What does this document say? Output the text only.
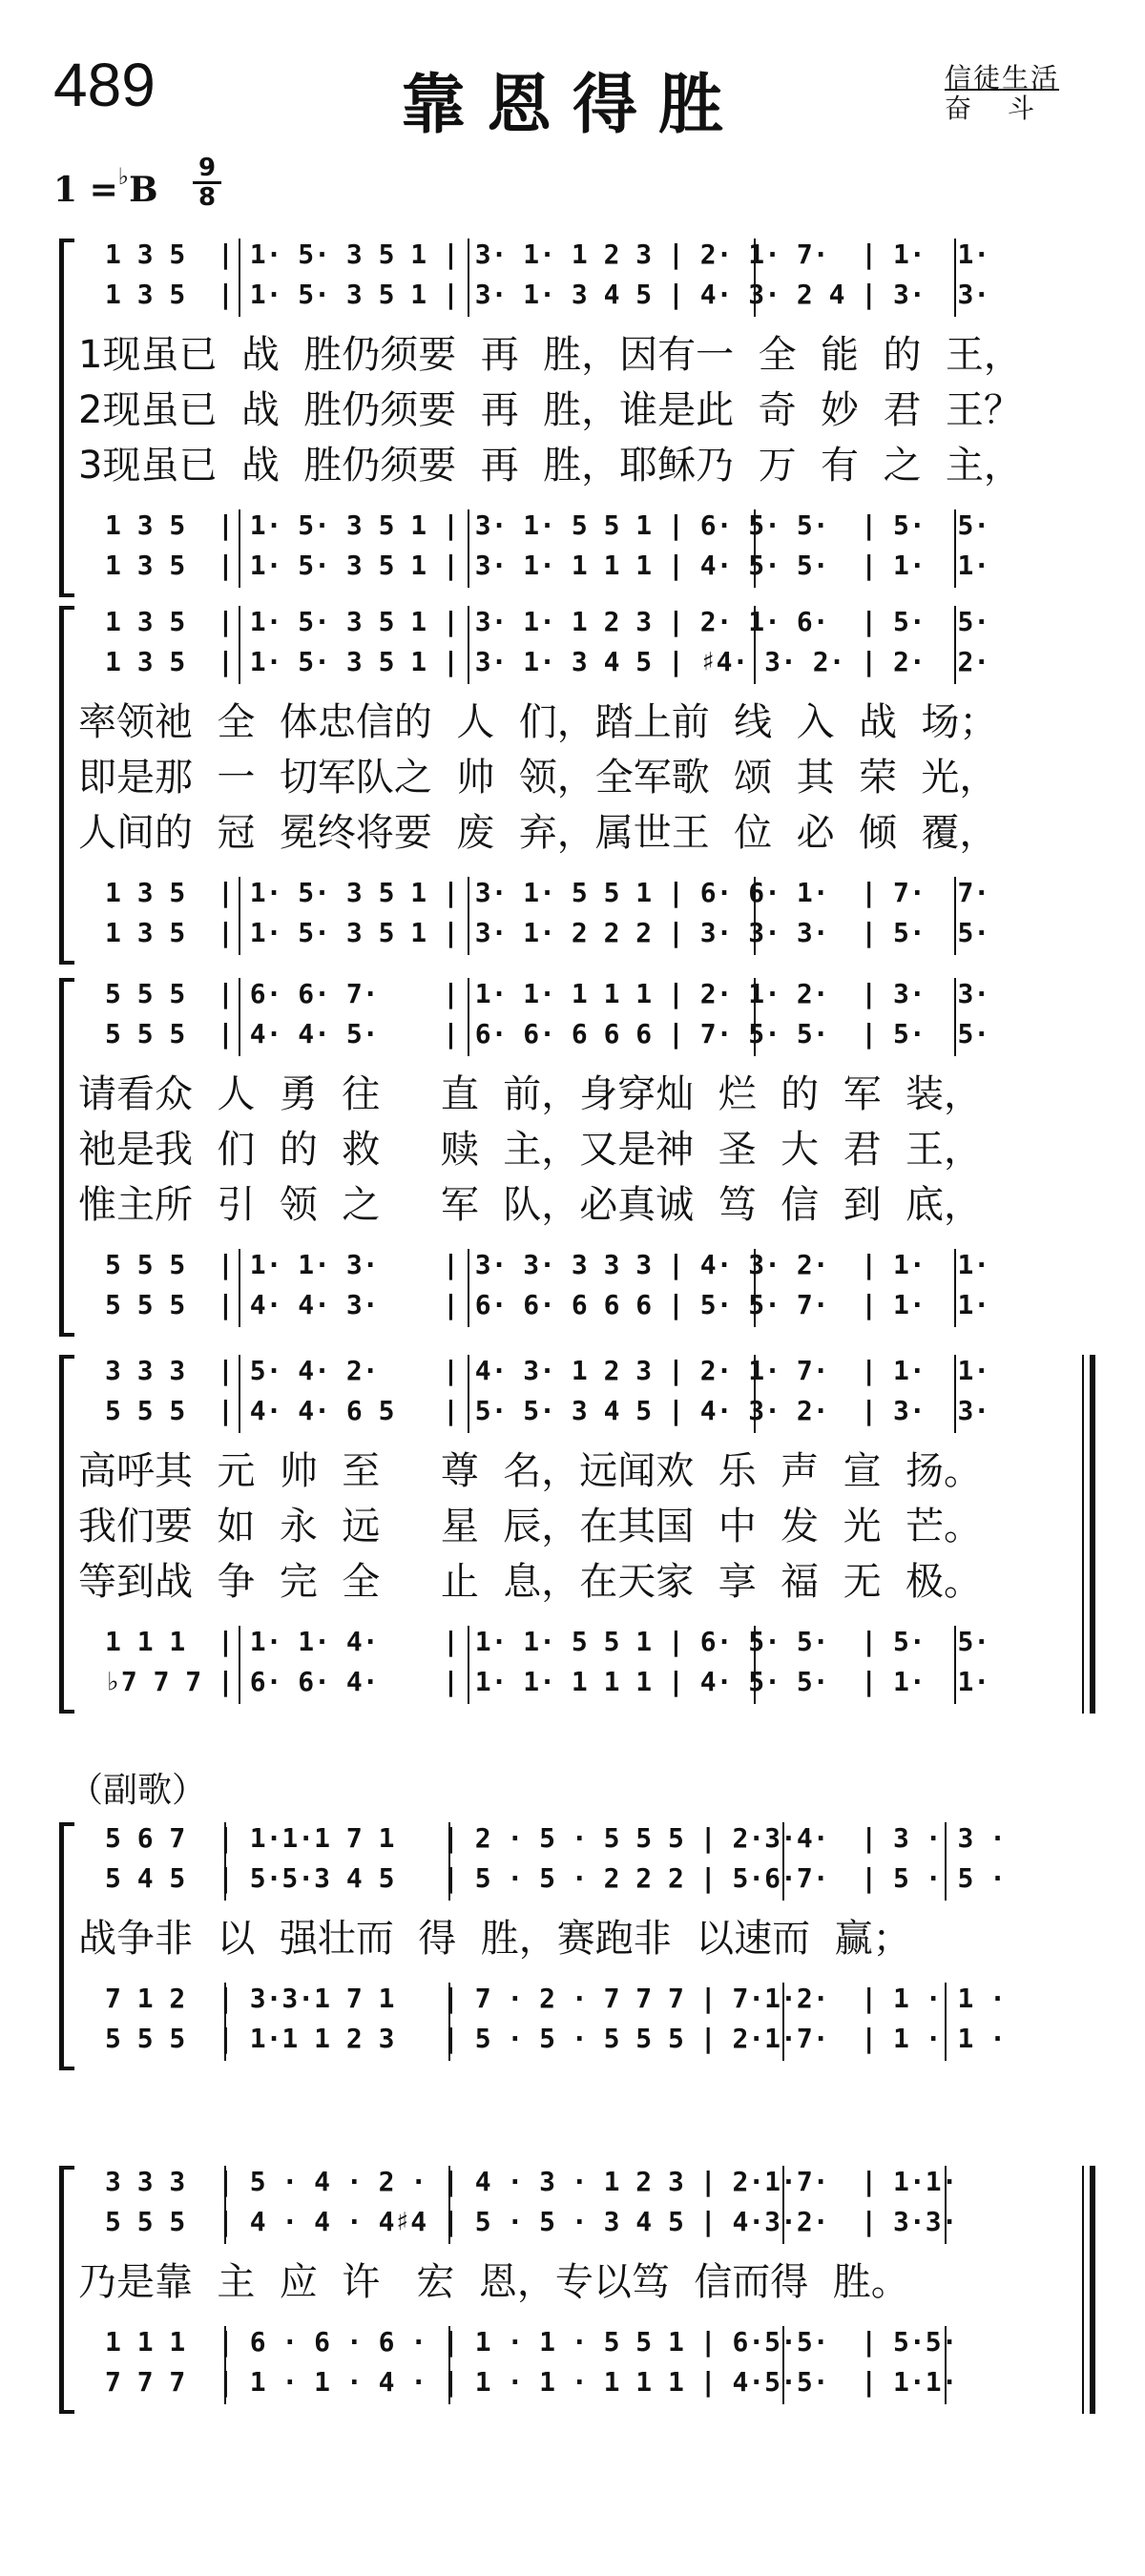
489	靠恩得胜	信徒生活
奋斗
1 =♭B
9
8
（副歌）
1 3 5  | 1· 5· 3 5 1 | 3· 1· 1 2 3 | 2· 1· 7·  | 1·  1·
1 3 5  | 1· 5· 3 5 1 | 3· 1· 3 4 5 | 4· 3· 2 4 | 3·  3·
1 3 5  | 1· 5· 3 5 1 | 3· 1· 5 5 1 | 6· 5· 5·  | 5·  5·
1 3 5  | 1· 5· 3 5 1 | 3· 1· 1 1 1 | 4· 5· 5·  | 1·  1·
1现虽已  战  胜仍须要  再  胜，因有一  全  能  的  王，
2现虽已  战  胜仍须要  再  胜，谁是此  奇  妙  君  王？
3现虽已  战  胜仍须要  再  胜，耶稣乃  万  有  之  主，
1 3 5  | 1· 5· 3 5 1 | 3· 1· 1 2 3 | 2· 1· 6·  | 5·  5·
1 3 5  | 1· 5· 3 5 1 | 3· 1· 3 4 5 | ♯4· 3· 2· | 2·  2·
1 3 5  | 1· 5· 3 5 1 | 3· 1· 5 5 1 | 6· 6· 1·  | 7·  7·
1 3 5  | 1· 5· 3 5 1 | 3· 1· 2 2 2 | 3· 3· 3·  | 5·  5·
率领祂  全  体忠信的  人  们，踏上前  线  入  战  场；
即是那  一  切军队之  帅  领，全军歌  颂  其  荣  光，
人间的  冠  冕终将要  废  弃，属世王  位  必  倾  覆，
5 5 5  | 6· 6· 7·    | 1· 1· 1 1 1 | 2· 1· 2·  | 3·  3·
5 5 5  | 4· 4· 5·    | 6· 6· 6 6 6 | 7· 5· 5·  | 5·  5·
5 5 5  | 1· 1· 3·    | 3· 3· 3 3 3 | 4· 3· 2·  | 1·  1·
5 5 5  | 4· 4· 3·    | 6· 6· 6 6 6 | 5· 5· 7·  | 1·  1·
请看众  人  勇  往     直  前，身穿灿  烂  的  军  装，
祂是我  们  的  救     赎  主，又是神  圣  大  君  王，
惟主所  引  领  之     军  队，必真诚  笃  信  到  底，
3 3 3  | 5· 4· 2·    | 4· 3· 1 2 3 | 2· 1· 7·  | 1·  1·
5 5 5  | 4· 4· 6 5   | 5· 5· 3 4 5 | 4· 3· 2·  | 3·  3·
1 1 1  | 1· 1· 4·    | 1· 1· 5 5 1 | 6· 5· 5·  | 5·  5·
♭7 7 7 | 6· 6· 4·    | 1· 1· 1 1 1 | 4· 5· 5·  | 1·  1·
高呼其  元  帅  至     尊  名，远闻欢  乐  声  宣  扬。
我们要  如  永  远     星  辰，在其国  中  发  光  芒。
等到战  争  完  全     止  息，在天家  享  福  无  极。
5 6 7  | 1·1·1 7 1   | 2 · 5 · 5 5 5 | 2·3·4·  | 3 · 3 ·
5 4 5  | 5·5·3 4 5   | 5 · 5 · 2 2 2 | 5·6·7·  | 5 · 5 ·
7 1 2  | 3·3·1 7 1   | 7 · 2 · 7 7 7 | 7·1·2·  | 1 · 1 ·
5 5 5  | 1·1 1 2 3   | 5 · 5 · 5 5 5 | 2·1·7·  | 1 · 1 ·
战争非  以  强壮而  得  胜，赛跑非  以速而  赢；
3 3 3  | 5 · 4 · 2 · | 4 · 3 · 1 2 3 | 2·1·7·  | 1·1·
5 5 5  | 4 · 4 · 4♯4 | 5 · 5 · 3 4 5 | 4·3·2·  | 3·3·
1 1 1  | 6 · 6 · 6 · | 1 · 1 · 5 5 1 | 6·5·5·  | 5·5·
7 7 7  | 1 · 1 · 4 · | 1 · 1 · 1 1 1 | 4·5·5·  | 1·1·
乃是靠  主  应  许   宏  恩，专以笃  信而得  胜。
